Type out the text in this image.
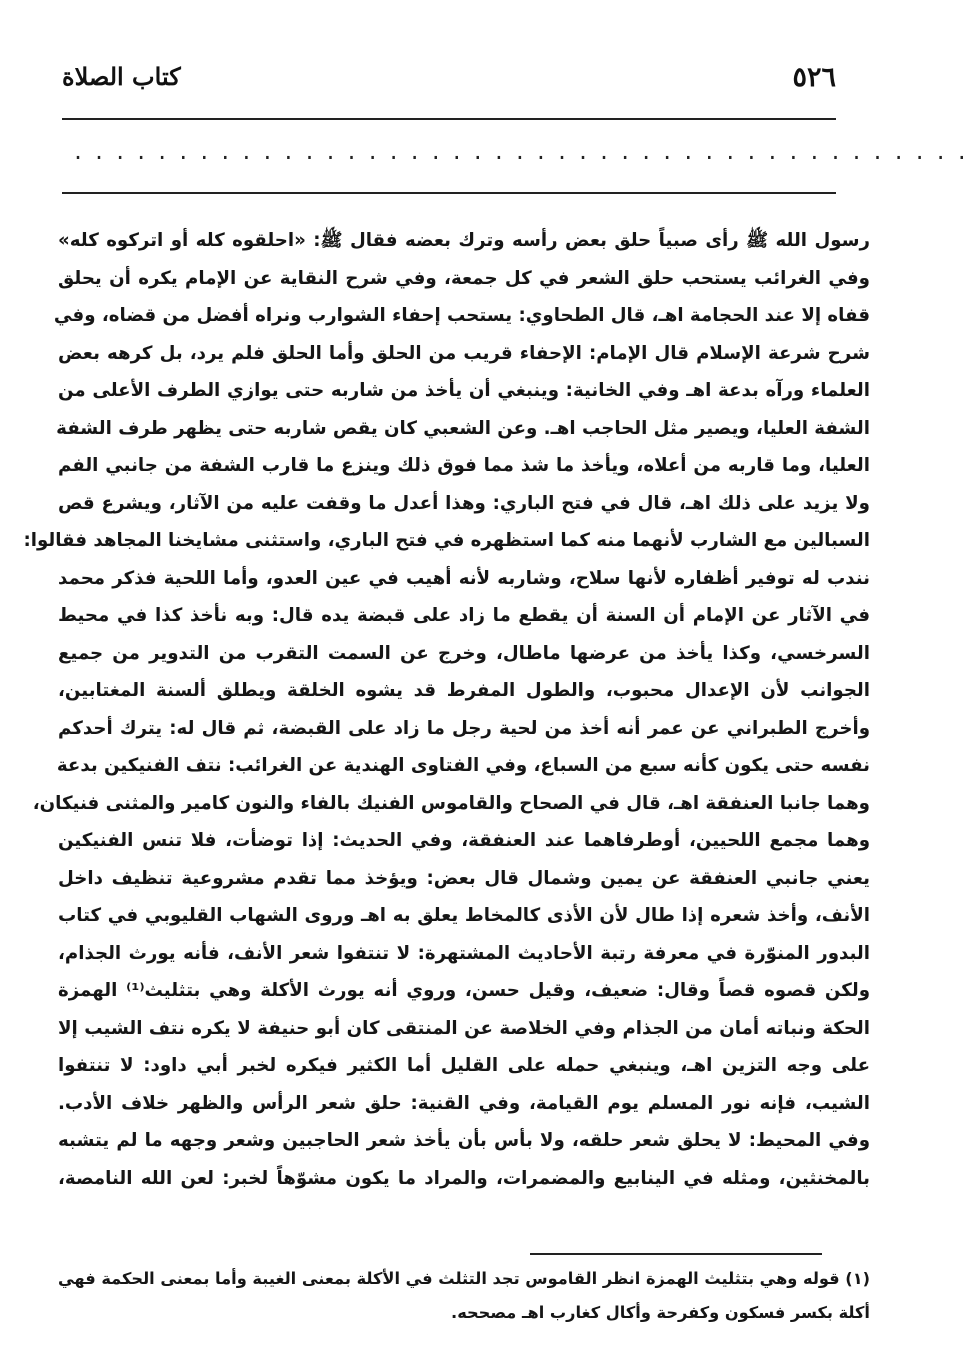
٥٢٦
كتاب الصلاة
...........................................
رسول الله ﷺ رأى صبياً حلق بعض رأسه وترك بعضه فقال ﷺ: «احلقوه كله أو اتركوه كله»
وفي الغرائب يستحب حلق الشعر في كل جمعة، وفي شرح النقاية عن الإمام يكره أن يحلق
قفاه إلا عند الحجامة اهـ، قال الطحاوي: يستحب إحفاء الشوارب ونراه أفضل من قضاه، وفي
شرح شرعة الإسلام قال الإمام: الإحفاء قريب من الحلق وأما الحلق فلم يرد، بل كرهه بعض
العلماء ورآه بدعة اهـ وفي الخانية: وينبغي أن يأخذ من شاربه حتى يوازي الطرف الأعلى من
الشفة العليا، ويصير مثل الحاجب اهـ. وعن الشعبي كان يقص شاربه حتى يظهر طرف الشفة
العليا، وما قاربه من أعلاه، ويأخذ ما شذ مما فوق ذلك وينزع ما قارب الشفة من جانبي الفم
ولا يزيد على ذلك اهـ، قال في فتح الباري: وهذا أعدل ما وقفت عليه من الآثار، ويشرع قص
السبالين مع الشارب لأنهما منه كما استظهره في فتح الباري، واستثنى مشايخنا المجاهد فقالوا:
نندب له توفير أظفاره لأنها سلاح، وشاربه لأنه أهيب في عين العدو، وأما اللحية فذكر محمد
في الآثار عن الإمام أن السنة أن يقطع ما زاد على قبضة يده قال: وبه نأخذ كذا في محيط
السرخسي، وكذا يأخذ من عرضها ماطال، وخرج عن السمت التقرب من التدوير من جميع
الجوانب لأن الإعدال محبوب، والطول المفرط قد يشوه الخلقة ويطلق ألسنة المغتابين،
وأخرج الطبراني عن عمر أنه أخذ من لحية رجل ما زاد على القبضة، ثم قال له: يترك أحدكم
نفسه حتى يكون كأنه سبع من السباع، وفي الفتاوى الهندية عن الغرائب: نتف الفنيكين بدعة
وهما جانبا العنفقة اهـ، قال في الصحاح والقاموس الفنيك بالفاء والنون كامير والمثنى فنيكان،
وهما مجمع اللحيين، أوطرفاهما عند العنفقة، وفي الحديث: إذا توضأت، فلا تنس الفنيكين
يعني جانبي العنفقة عن يمين وشمال قال بعض: ويؤخذ مما تقدم مشروعية تنظيف داخل
الأنف، وأخذ شعره إذا طال لأن الأذى كالمخاط يعلق به اهـ وروى الشهاب القليوبي في كتاب
البدور المنوّرة في معرفة رتبة الأحاديث المشتهرة: لا تنتفوا شعر الأنف، فأنه يورث الجذام،
ولكن قصوه قصاً وقال: ضعيف، وقيل حسن، وروي أنه يورث الأكلة وهي بتثليث⁽¹⁾ الهمزة
الحكة ونباته أمان من الجذام وفي الخلاصة عن المنتقى كان أبو حنيفة لا يكره نتف الشيب إلا
على وجه التزين اهـ، وينبغي حمله على القليل أما الكثير فيكره لخبر أبي داود: لا تنتفوا
الشيب، فإنه نور المسلم يوم القيامة، وفي القنية: حلق شعر الرأس والظهر خلاف الأدب.
وفي المحيط: لا يحلق شعر حلقه، ولا بأس بأن يأخذ شعر الحاجبين وشعر وجهه ما لم يتشبه
بالمخنثين، ومثله في الينابيع والمضمرات، والمراد ما يكون مشوّهاً لخبر: لعن الله النامصة،
(١) قوله وهي بتثليث الهمزة انظر القاموس تجد التثلث في الأكلة بمعنى الغيبة وأما بمعنى الحكمة فهي
أكلة بكسر فسكون وكفرحة وأكال كغارب اهـ مصححه.
